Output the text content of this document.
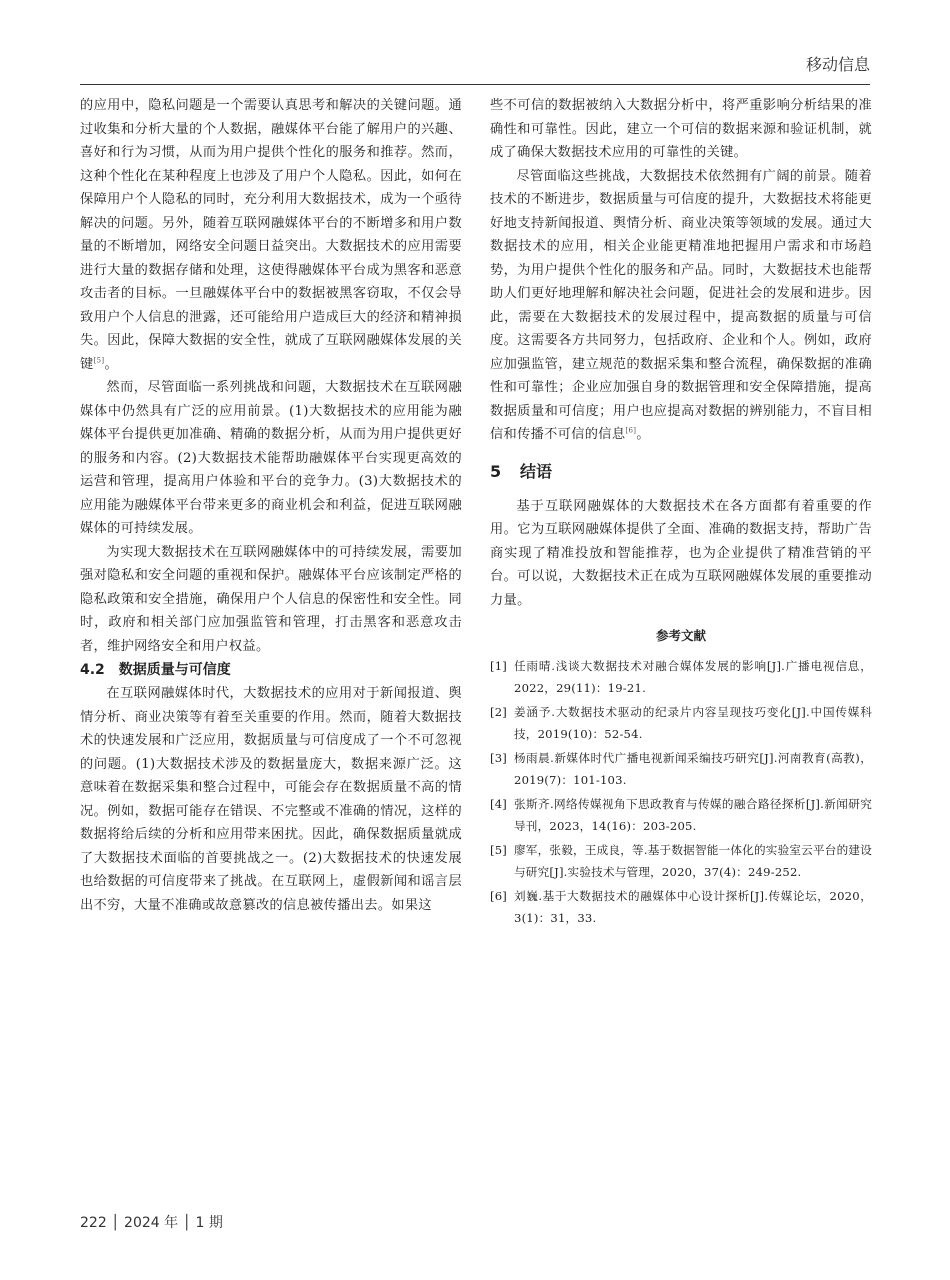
移动信息

的应用中，隐私问题是一个需要认真思考和解决的关键问题。通过收集和分析大量的个人数据，融媒体平台能了解用户的兴趣、喜好和行为习惯，从而为用户提供个性化的服务和推荐。然而，这种个性化在某种程度上也涉及了用户个人隐私。因此，如何在保障用户个人隐私的同时，充分利用大数据技术，成为一个亟待解决的问题。另外，随着互联网融媒体平台的不断增多和用户数量的不断增加，网络安全问题日益突出。大数据技术的应用需要进行大量的数据存储和处理，这使得融媒体平台成为黑客和恶意攻击者的目标。一旦融媒体平台中的数据被黑客窃取，不仅会导致用户个人信息的泄露，还可能给用户造成巨大的经济和精神损失。因此，保障大数据的安全性，就成了互联网融媒体发展的关键[5]。

然而，尽管面临一系列挑战和问题，大数据技术在互联网融媒体中仍然具有广泛的应用前景。(1)大数据技术的应用能为融媒体平台提供更加准确、精确的数据分析，从而为用户提供更好的服务和内容。(2)大数据技术能帮助融媒体平台实现更高效的运营和管理，提高用户体验和平台的竞争力。(3)大数据技术的应用能为融媒体平台带来更多的商业机会和利益，促进互联网融媒体的可持续发展。

为实现大数据技术在互联网融媒体中的可持续发展，需要加强对隐私和安全问题的重视和保护。融媒体平台应该制定严格的隐私政策和安全措施，确保用户个人信息的保密性和安全性。同时，政府和相关部门应加强监管和管理，打击黑客和恶意攻击者，维护网络安全和用户权益。

4.2　数据质量与可信度

在互联网融媒体时代，大数据技术的应用对于新闻报道、舆情分析、商业决策等有着至关重要的作用。然而，随着大数据技术的快速发展和广泛应用，数据质量与可信度成了一个不可忽视的问题。(1)大数据技术涉及的数据量庞大，数据来源广泛。这意味着在数据采集和整合过程中，可能会存在数据质量不高的情况。例如，数据可能存在错误、不完整或不准确的情况，这样的数据将给后续的分析和应用带来困扰。因此，确保数据质量就成了大数据技术面临的首要挑战之一。(2)大数据技术的快速发展也给数据的可信度带来了挑战。在互联网上，虚假新闻和谣言层出不穷，大量不准确或故意篡改的信息被传播出去。如果这

些不可信的数据被纳入大数据分析中，将严重影响分析结果的准确性和可靠性。因此，建立一个可信的数据来源和验证机制，就成了确保大数据技术应用的可靠性的关键。

尽管面临这些挑战，大数据技术依然拥有广阔的前景。随着技术的不断进步，数据质量与可信度的提升，大数据技术将能更好地支持新闻报道、舆情分析、商业决策等领域的发展。通过大数据技术的应用，相关企业能更精准地把握用户需求和市场趋势，为用户提供个性化的服务和产品。同时，大数据技术也能帮助人们更好地理解和解决社会问题，促进社会的发展和进步。因此，需要在大数据技术的发展过程中，提高数据的质量与可信度。这需要各方共同努力，包括政府、企业和个人。例如，政府应加强监管，建立规范的数据采集和整合流程，确保数据的准确性和可靠性；企业应加强自身的数据管理和安全保障措施，提高数据质量和可信度；用户也应提高对数据的辨别能力，不盲目相信和传播不可信的信息[6]。

5 结语

基于互联网融媒体的大数据技术在各方面都有着重要的作用。它为互联网融媒体提供了全面、准确的数据支持，帮助广告商实现了精准投放和智能推荐，也为企业提供了精准营销的平台。可以说，大数据技术正在成为互联网融媒体发展的重要推动力量。

参考文献
[1] 任雨晴.浅谈大数据技术对融合媒体发展的影响[J].广播电视信息，2022，29(11)：19-21.
[2] 姜涵予.大数据技术驱动的纪录片内容呈现技巧变化[J].中国传媒科技，2019(10)：52-54.
[3] 杨雨晨.新媒体时代广播电视新闻采编技巧研究[J].河南教育(高教)，2019(7)：101-103.
[4] 张斯齐.网络传媒视角下思政教育与传媒的融合路径探析[J].新闻研究导刊，2023，14(16)：203-205.
[5] 廖军，张毅，王成良，等.基于数据智能一体化的实验室云平台的建设与研究[J].实验技术与管理，2020，37(4)：249-252.
[6] 刘巍.基于大数据技术的融媒体中心设计探析[J].传媒论坛，2020，3(1)：31，33.
222 │ 2024 年 │ 1 期
